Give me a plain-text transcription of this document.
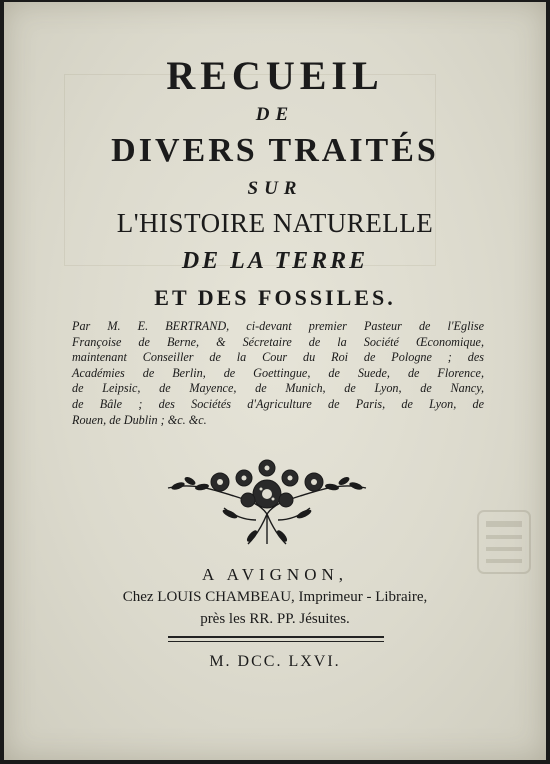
RECUEIL
DE
DIVERS TRAITÉS
SUR
L'HISTOIRE NATURELLE
DE LA TERRE
ET DES FOSSILES.
Par M. E. BERTRAND, ci-devant premier Pasteur de l'Eglise
Françoise de Berne, & Sécretaire de la Société Œconomique,
maintenant Conseiller de la Cour du Roi de Pologne ; des
Académies de Berlin, de Goettingue, de Suede, de Florence,
de Leipsic, de Mayence, de Munich, de Lyon, de Nancy,
de Bâle ; des Sociétés d'Agriculture de Paris, de Lyon, de
Rouen, de Dublin ; &c. &c.
A AVIGNON,
Chez LOUIS CHAMBEAU, Imprimeur - Libraire,
près les RR. PP. Jésuites.
M. DCC. LXVI.
